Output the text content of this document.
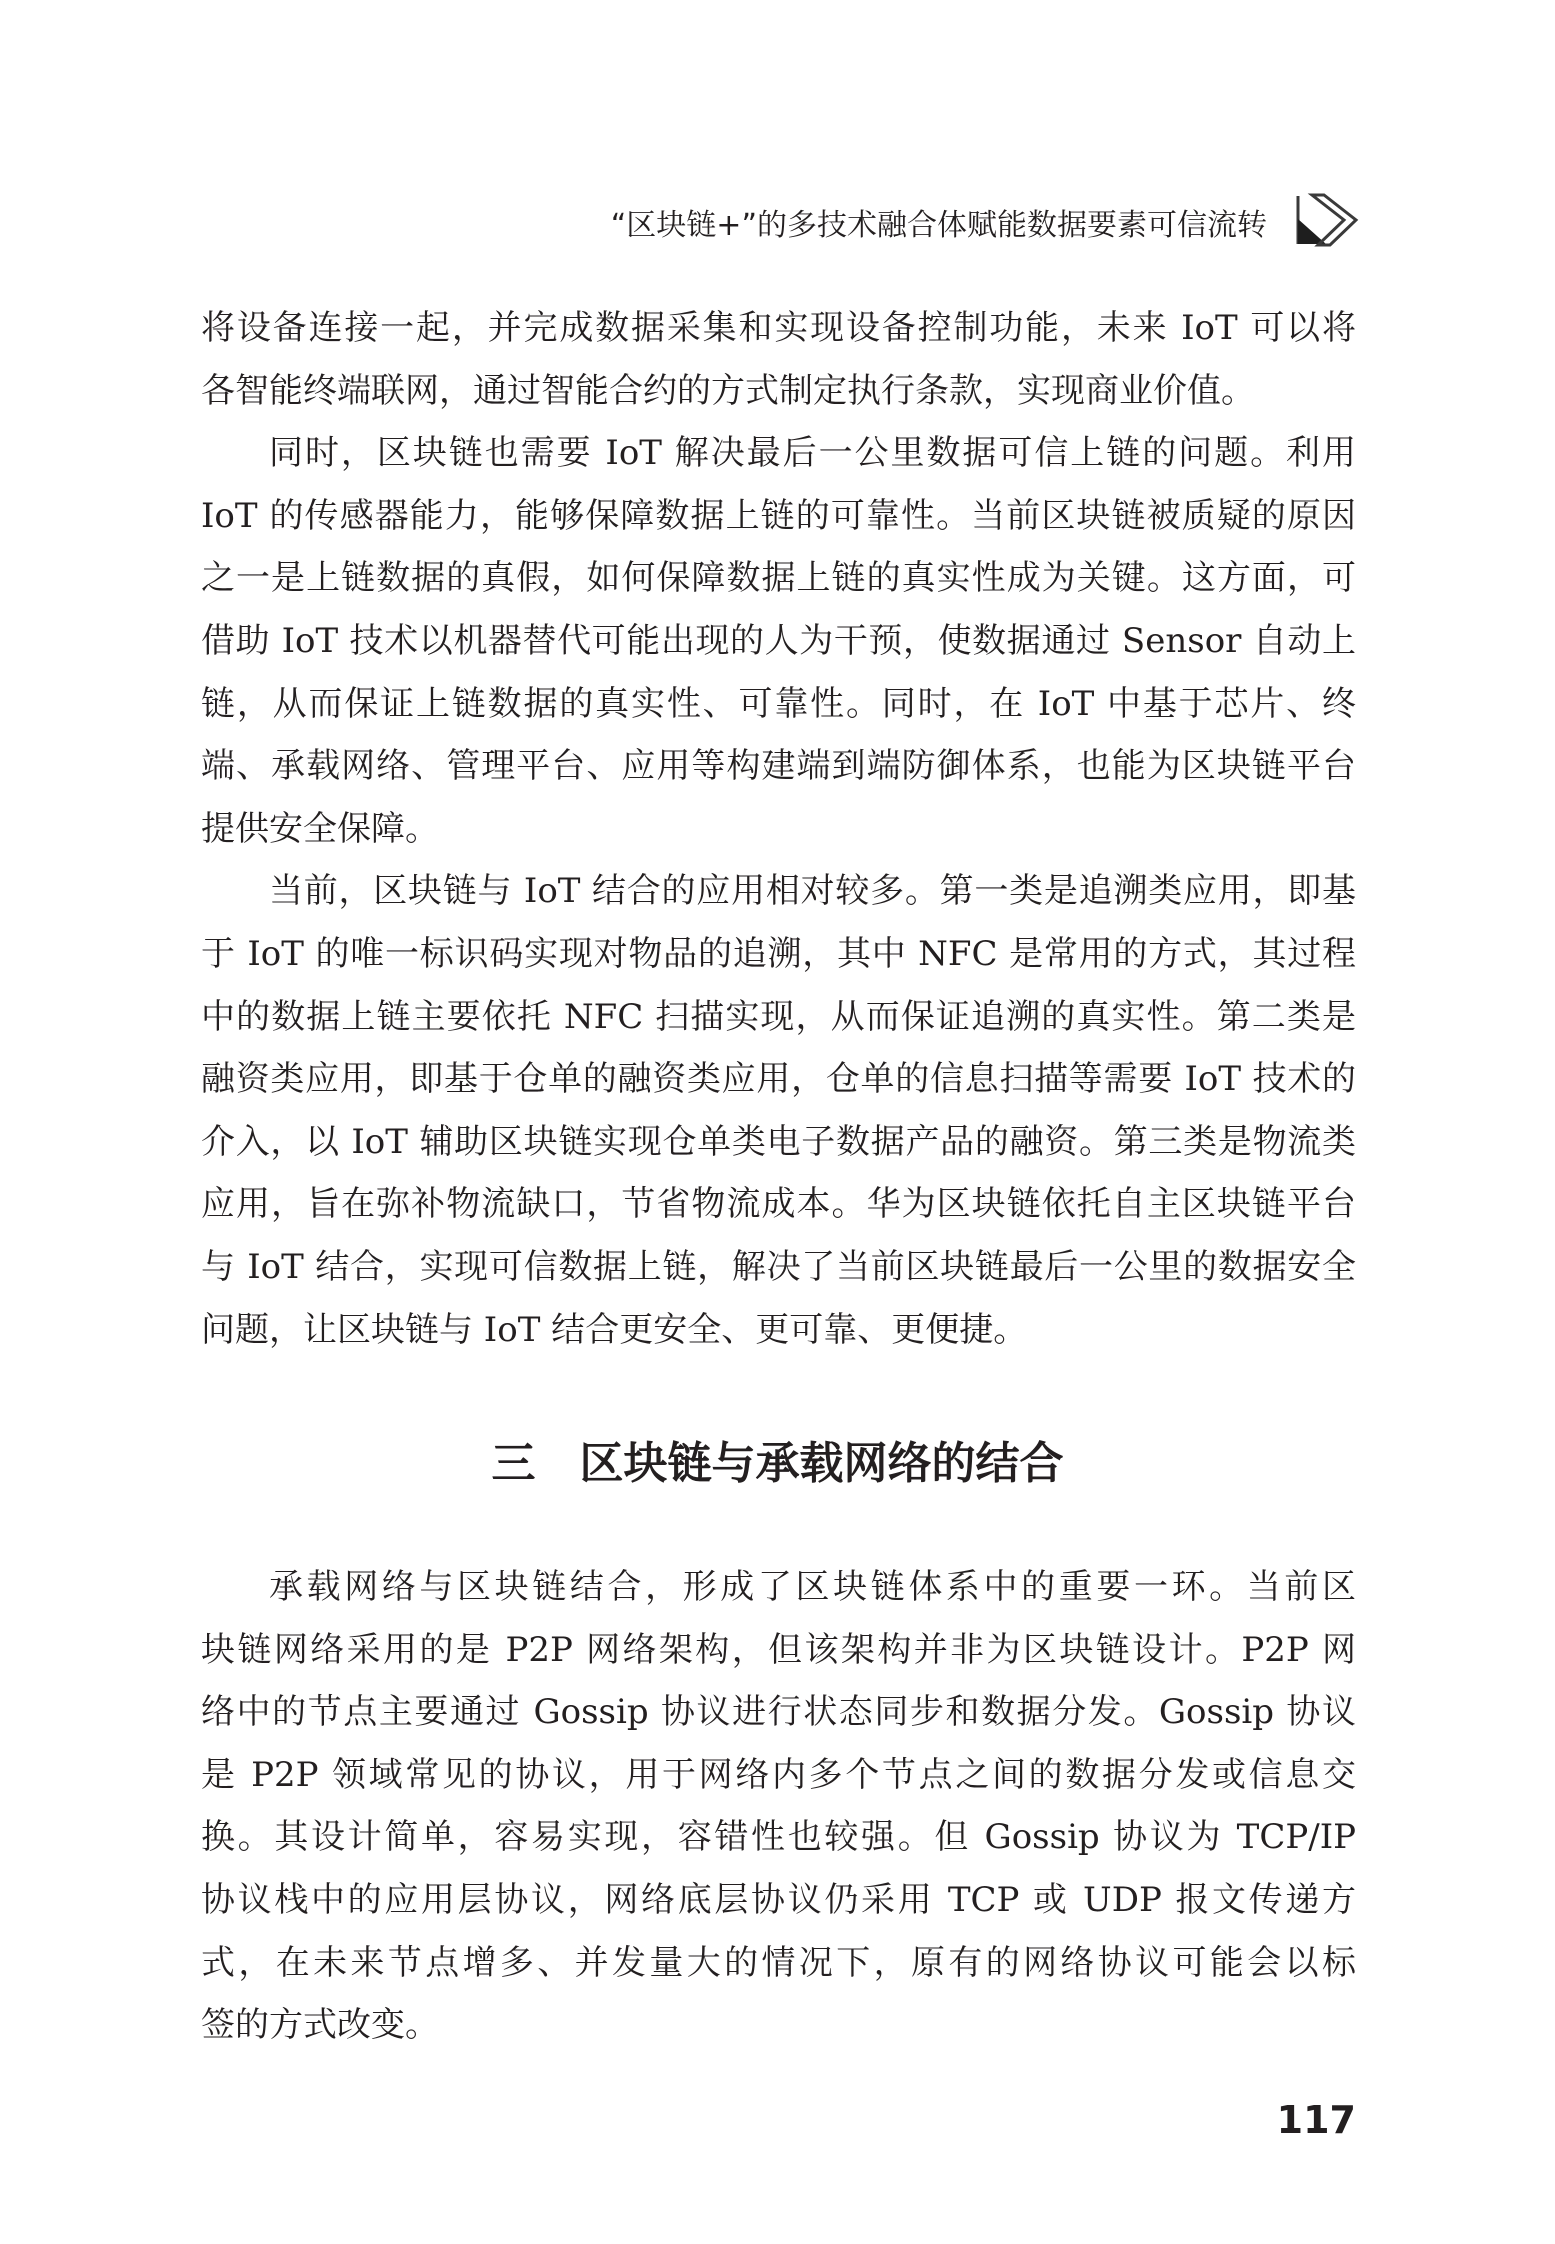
“区块链+”的多技术融合体赋能数据要素可信流转
将设备连接一起，并完成数据采集和实现设备控制功能，未来 IoT 可以将
各智能终端联网，通过智能合约的方式制定执行条款，实现商业价值。
同时，区块链也需要 IoT 解决最后一公里数据可信上链的问题。利用
IoT 的传感器能力，能够保障数据上链的可靠性。当前区块链被质疑的原因
之一是上链数据的真假，如何保障数据上链的真实性成为关键。这方面，可
借助 IoT 技术以机器替代可能出现的人为干预，使数据通过 Sensor 自动上
链，从而保证上链数据的真实性、可靠性。同时，在 IoT 中基于芯片、终
端、承载网络、管理平台、应用等构建端到端防御体系，也能为区块链平台
提供安全保障。
当前，区块链与 IoT 结合的应用相对较多。第一类是追溯类应用，即基
于 IoT 的唯一标识码实现对物品的追溯，其中 NFC 是常用的方式，其过程
中的数据上链主要依托 NFC 扫描实现，从而保证追溯的真实性。第二类是
融资类应用，即基于仓单的融资类应用，仓单的信息扫描等需要 IoT 技术的
介入，以 IoT 辅助区块链实现仓单类电子数据产品的融资。第三类是物流类
应用，旨在弥补物流缺口，节省物流成本。华为区块链依托自主区块链平台
与 IoT 结合，实现可信数据上链，解决了当前区块链最后一公里的数据安全
问题，让区块链与 IoT 结合更安全、更可靠、更便捷。
三 区块链与承载网络的结合
承载网络与区块链结合，形成了区块链体系中的重要一环。当前区
块链网络采用的是 P2P 网络架构，但该架构并非为区块链设计。P2P 网
络中的节点主要通过 Gossip 协议进行状态同步和数据分发。Gossip 协议
是 P2P 领域常见的协议，用于网络内多个节点之间的数据分发或信息交
换。其设计简单，容易实现，容错性也较强。但 Gossip 协议为 TCP/IP
协议栈中的应用层协议，网络底层协议仍采用 TCP 或 UDP 报文传递方
式，在未来节点增多、并发量大的情况下，原有的网络协议可能会以标
签的方式改变。
117
